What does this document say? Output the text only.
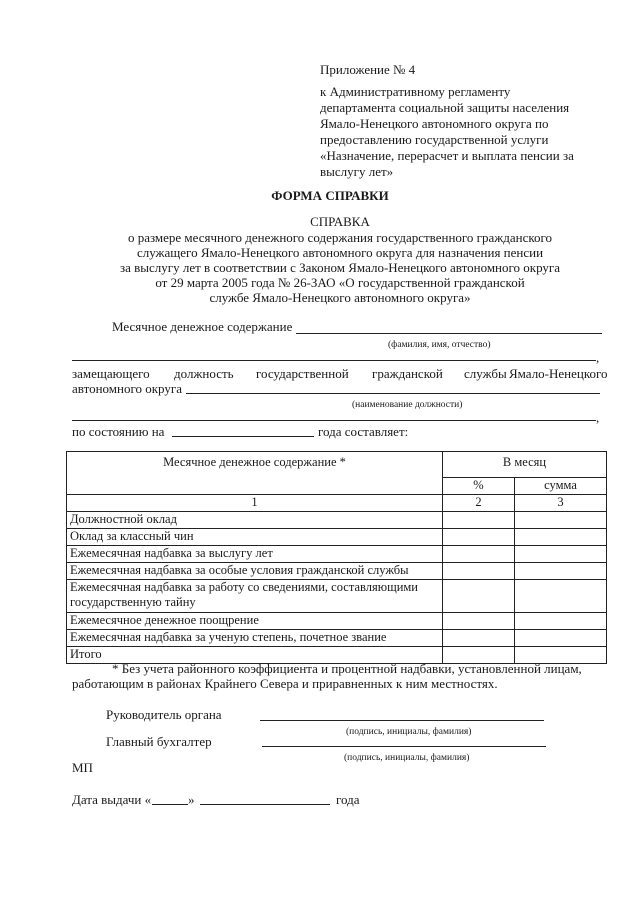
Приложение № 4
к Административному регламенту
департамента социальной защиты населения
Ямало-Ненецкого автономного округа по
предоставлению государственной услуги
«Назначение, перерасчет и выплата пенсии за
выслугу лет»
ФОРМА СПРАВКИ
СПРАВКА
о размере месячного денежного содержания государственного гражданского
служащего Ямало-Ненецкого автономного округа для назначения пенсии
за выслугу лет в соответствии с Законом Ямало-Ненецкого автономного округа
от 29 марта 2005 года № 26-ЗАО «О государственной гражданской
службе Ямало-Ненецкого автономного округа»
Месячное денежное содержание
(фамилия, имя, отчество)
,
замещающего должность государственной гражданской службы Ямало-Ненецкого
автономного округа
(наименование должности)
,
по состоянию на	года составляет:
Месячное денежное содержание *	В месяц	
	%	сумма
1	2	3
Должностной оклад		
Оклад за классный чин		
Ежемесячная надбавка за выслугу лет		
Ежемесячная надбавка за особые условия гражданской службы		
Ежемесячная надбавка за работу со сведениями, составляющими государственную тайну		
Ежемесячное денежное поощрение		
Ежемесячная надбавка за ученую степень, почетное звание		
Итого		
* Без учета районного коэффициента и процентной надбавки, установленной лицам,
работающим в районах Крайнего Севера и приравненных к ним местностях.
Руководитель органа
(подпись, инициалы, фамилия)
Главный бухгалтер
(подпись, инициалы, фамилия)
МП
Дата выдачи «	»	года
